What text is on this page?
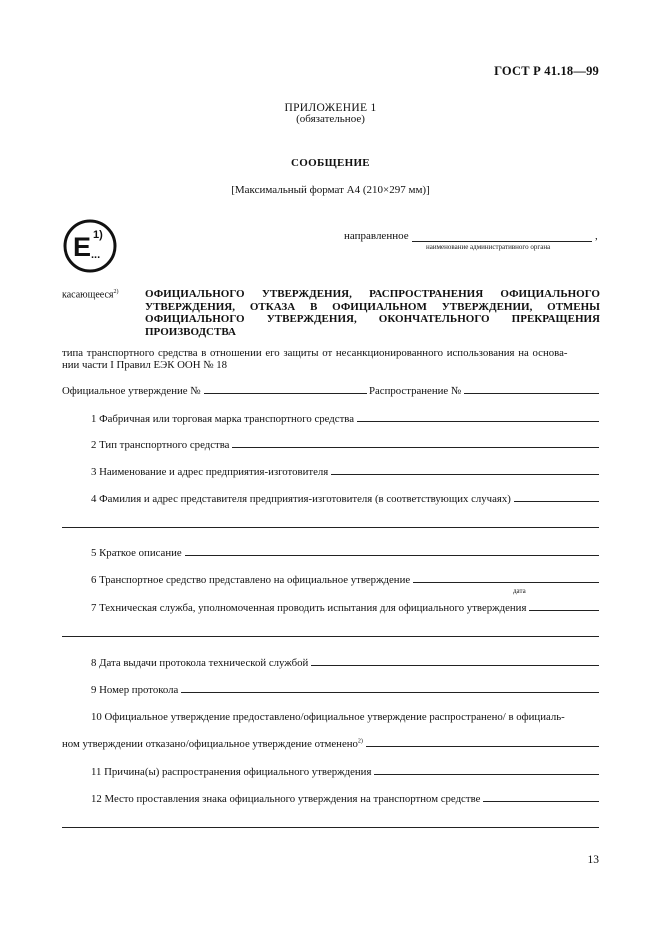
ГОСТ Р 41.18—99
ПРИЛОЖЕНИЕ 1
(обязательное)
СООБЩЕНИЕ
[Максимальный формат А4 (210×297 мм)]
E 1)
...
направленное	,
наименование административного органа
касающееся$^{2)}$ ОФИЦИАЛЬНОГО УТВЕРЖДЕНИЯ, РАСПРОСТРАНЕНИЯ ОФИЦИАЛЬНОГО УТВЕРЖДЕНИЯ, ОТКАЗА В ОФИЦИАЛЬНОМ УТВЕРЖДЕНИИ, ОТМЕНЫ ОФИЦИАЛЬНОГО УТВЕРЖДЕНИЯ, ОКОНЧАТЕЛЬНОГО ПРЕКРАЩЕНИЯ ПРОИЗВОДСТВА
типа транспортного средства в отношении его защиты от несанкционированного использования на основа-
нии части I Правил ЕЭК ООН № 18
Официальное утверждение №	Распространение №
1 Фабричная или торговая марка транспортного средства
2 Тип транспортного средства
3 Наименование и адрес предприятия-изготовителя
4 Фамилия и адрес представителя предприятия-изготовителя (в соответствующих случаях)
5 Краткое описание
6 Транспортное средство представлено на официальное утверждение
дата
7 Техническая служба, уполномоченная проводить испытания для официального утверждения
8 Дата выдачи протокола технической службой
9 Номер протокола
10 Официальное утверждение предоставлено/официальное утверждение распространено/ в официаль-
ном утверждении отказано/официальное утверждение отменено$^{2)}$
11 Причина(ы) распространения официального утверждения
12 Место проставления знака официального утверждения на транспортном средстве
13
